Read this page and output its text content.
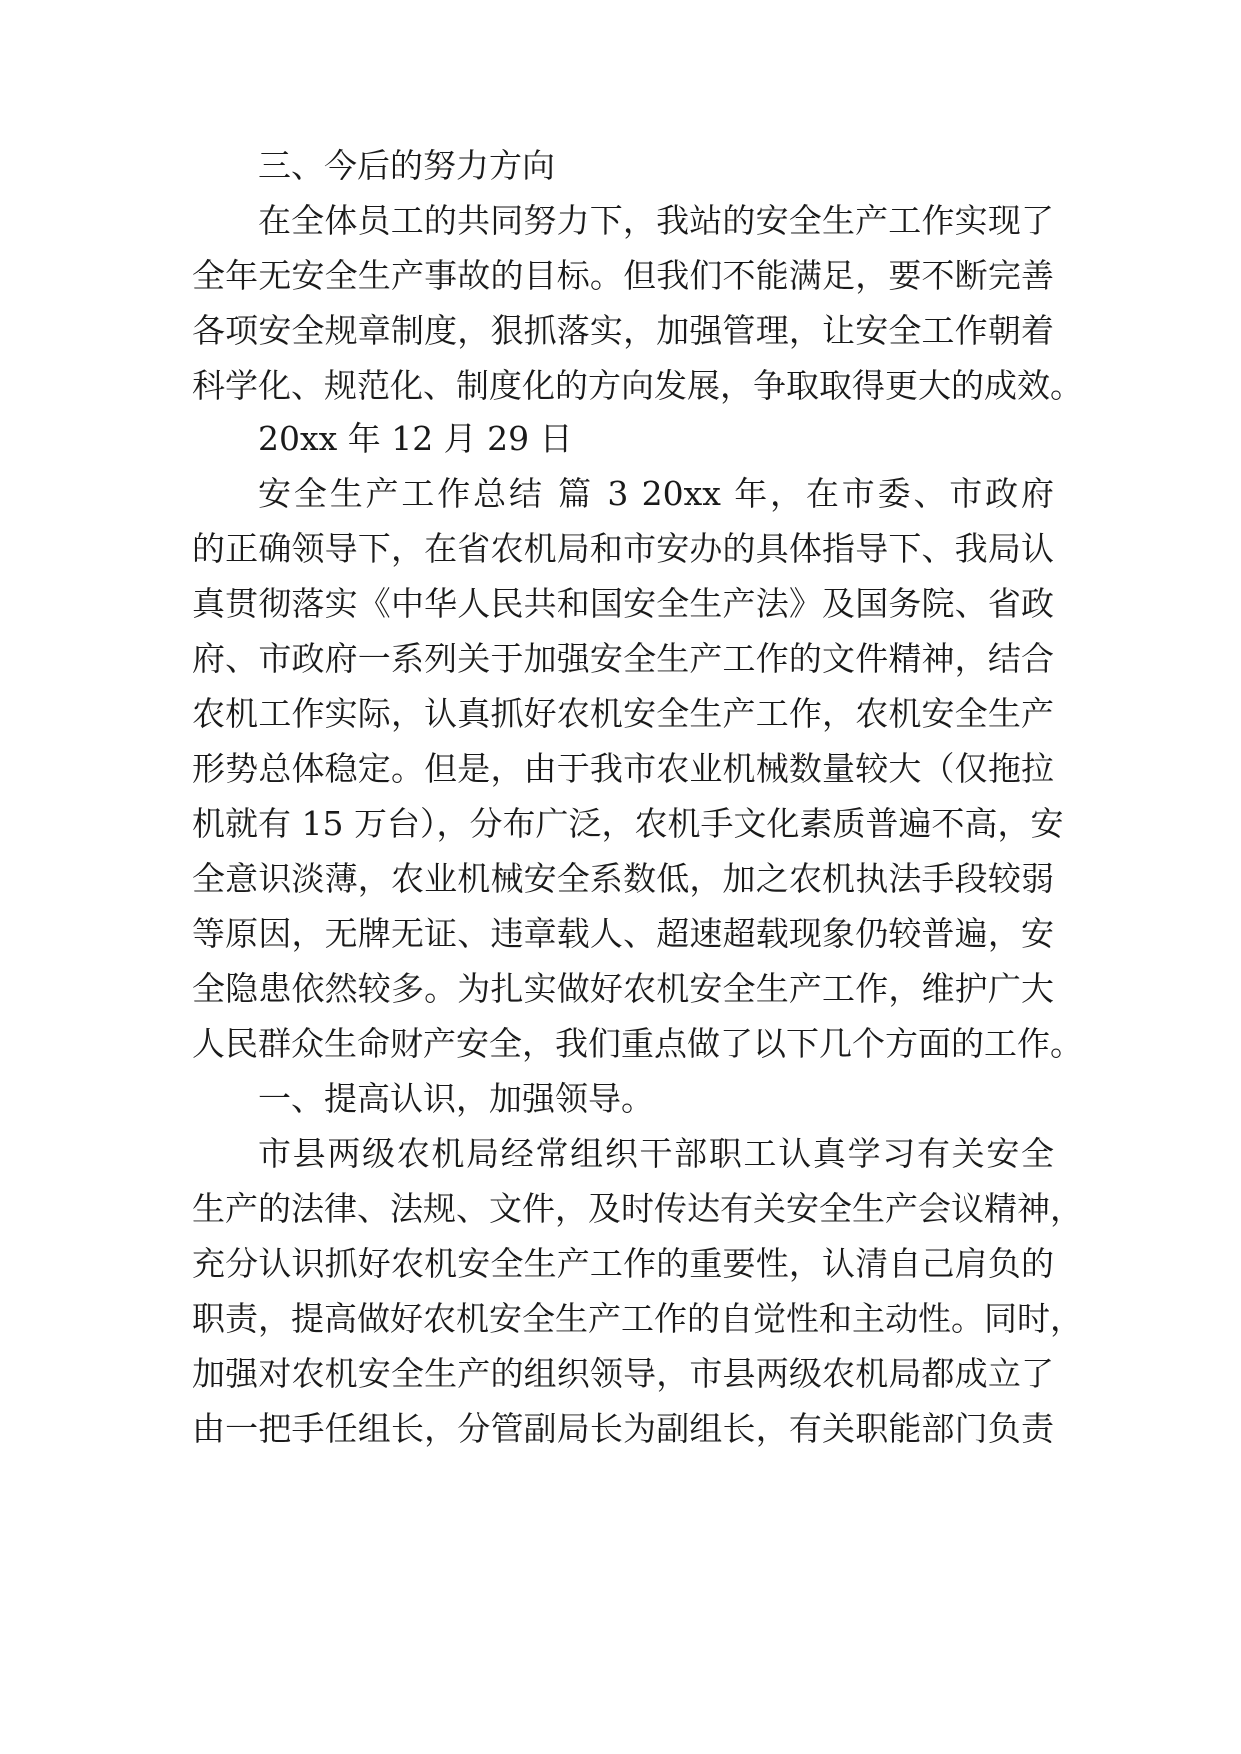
三、今后的努力方向
在全体员工的共同努力下，我站的安全生产工作实现了
全年无安全生产事故的目标。但我们不能满足，要不断完善
各项安全规章制度，狠抓落实，加强管理，让安全工作朝着
科学化、规范化、制度化的方向发展，争取取得更大的成效。
20xx 年 12 月 29 日
安全生产工作总结 篇 3 20xx 年，在市委、市政府
的正确领导下，在省农机局和市安办的具体指导下、我局认
真贯彻落实《中华人民共和国安全生产法》及国务院、省政
府、市政府一系列关于加强安全生产工作的文件精神，结合
农机工作实际，认真抓好农机安全生产工作，农机安全生产
形势总体稳定。但是，由于我市农业机械数量较大（仅拖拉
机就有 15 万台），分布广泛，农机手文化素质普遍不高，安
全意识淡薄，农业机械安全系数低，加之农机执法手段较弱
等原因，无牌无证、违章载人、超速超载现象仍较普遍，安
全隐患依然较多。为扎实做好农机安全生产工作，维护广大
人民群众生命财产安全，我们重点做了以下几个方面的工作。
一、提高认识，加强领导。
市县两级农机局经常组织干部职工认真学习有关安全
生产的法律、法规、文件，及时传达有关安全生产会议精神，
充分认识抓好农机安全生产工作的重要性，认清自己肩负的
职责，提高做好农机安全生产工作的自觉性和主动性。同时，
加强对农机安全生产的组织领导，市县两级农机局都成立了
由一把手任组长，分管副局长为副组长，有关职能部门负责
